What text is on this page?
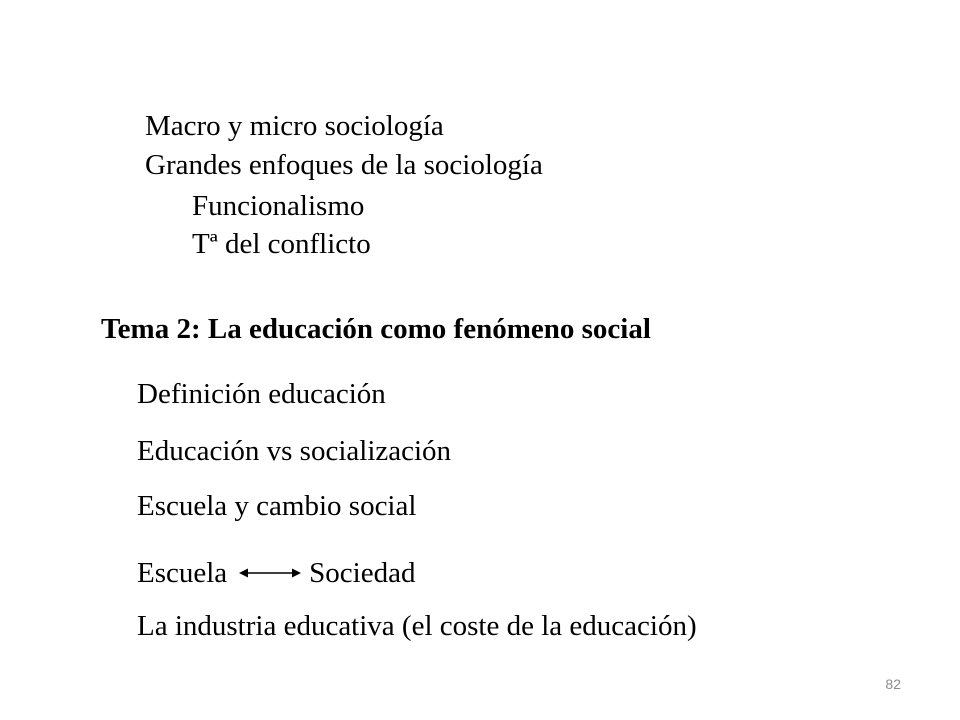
Macro y micro sociología
Grandes enfoques de la sociología
Funcionalismo
Tª del conflicto
Tema 2: La educación como fenómeno social
Definición educación
Educación vs socialización
Escuela y cambio social
Escuela	Sociedad
La industria educativa (el coste de la educación)
82
